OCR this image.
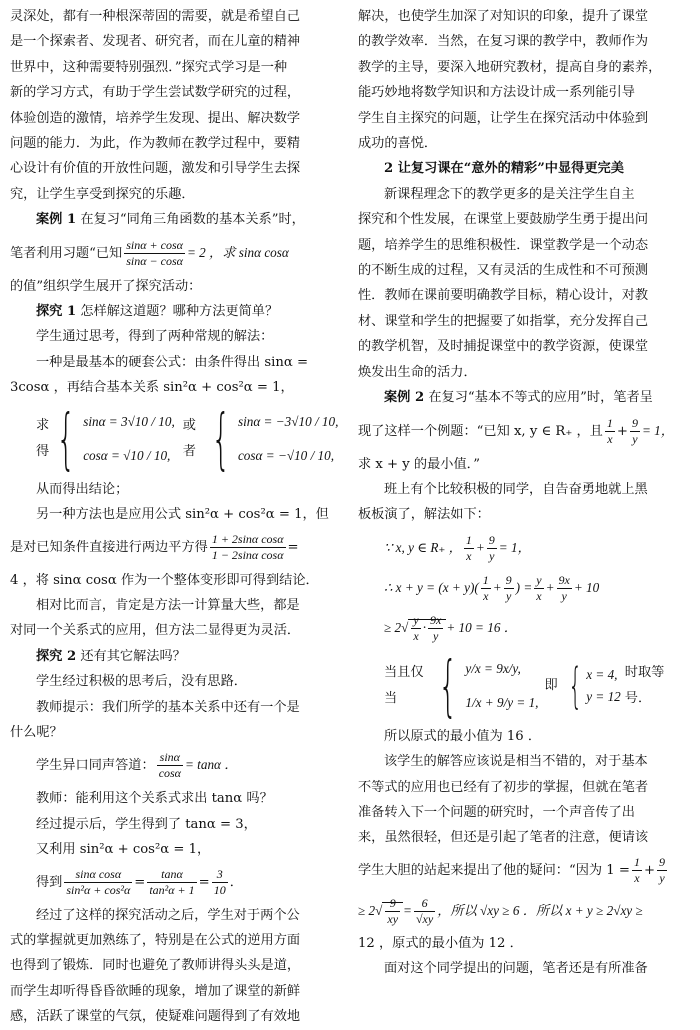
灵深处，都有一种根深蒂固的需要，就是希望自己
是一个探索者、发现者、研究者，而在儿童的精神
世界中，这种需要特别强烈．”探究式学习是一种
新的学习方式，有助于学生尝试数学研究的过程，
体验创造的激情，培养学生发现、提出、解决数学
问题的能力．为此，作为教师在教学过程中，要精
心设计有价值的开放性问题，激发和引导学生去探
究，让学生享受到探究的乐趣．
案例 1 在复习“同角三角函数的基本关系”时，
笔者利用习题“已知 $\frac{\sin\alpha + \cos\alpha}{\sin\alpha - \cos\alpha} = 2$ ，求 sinα cosα
的值”组织学生展开了探究活动：
探究 1 怎样解这道题？哪种方法更简单？
学生通过思考，得到了两种常规的解法：
一种是最基本的硬套公式：由条件得出 sinα =
3cosα ，再结合基本关系 sin²α + cos²α = 1，
求得 { sinα = 3√10 / 10,
cosα = √10 / 10,
或者 { sinα = −3√10 / 10,
cosα = −√10 / 10,
从而得出结论；
另一种方法也是应用公式 sin²α + cos²α = 1，但
是对已知条件直接进行两边平方得 $\frac{\text{1 + 2sinα cosα}}{\text{1 − 2sinα cosα}}$ =
4 ，将 sinα cosα 作为一个整体变形即可得到结论．
相对比而言，肯定是方法一计算量大些，都是
对同一个关系式的应用，但方法二显得更为灵活．
探究 2 还有其它解法吗？
学生经过积极的思考后，没有思路．
教师提示：我们所学的基本关系中还有一个是
什么呢？
学生异口同声答道： $\frac{\sin\alpha}{\cos\alpha} = \tan\alpha$ ．
教师：能利用这个关系式求出 tanα 吗？
经过提示后，学生得到了 tanα = 3，
又利用 sin²α + cos²α = 1，
得到 $\frac{\text{sinα cosα}}{\text{sin²α + cos²α}} = \frac{\tan\alpha}{\text{tan²α + 1}} = \frac{3}{10}$ ．
经过了这样的探究活动之后，学生对于两个公
式的掌握就更加熟练了，特别是在公式的逆用方面
也得到了锻炼．同时也避免了教师讲得头头是道，
而学生却听得昏昏欲睡的现象，增加了课堂的新鲜
感，活跃了课堂的气氛，使疑难问题得到了有效地
解决，也使学生加深了对知识的印象，提升了课堂
的教学效率．当然，在复习课的教学中，教师作为
教学的主导，要深入地研究教材，提高自身的素养，
能巧妙地将数学知识和方法设计成一系列能引导
学生自主探究的问题，让学生在探究活动中体验到
成功的喜悦．
2 让复习课在“意外的精彩”中显得更完美
新课程理念下的教学更多的是关注学生自主
探究和个性发展，在课堂上要鼓励学生勇于提出问
题，培养学生的思维积极性．课堂教学是一个动态
的不断生成的过程，又有灵活的生成性和不可预测
性．教师在课前要明确教学目标，精心设计，对教
材、课堂和学生的把握要了如指掌，充分发挥自己
的教学机智，及时捕捉课堂中的教学资源，使课堂
焕发出生命的活力．
案例 2 在复习“基本不等式的应用”时，笔者呈
现了这样一个例题：“已知 x, y ∈ R₊ ，且 $\frac{1}{x} + \frac{9}{y} = 1$，
求 x + y 的最小值．”
班上有个比较积极的同学，自告奋勇地就上黑
板板演了，解法如下：
∵ x, y ∈ R₊ ， $\frac{1}{x} + \frac{9}{y} = 1$，
∴ $x + y = (x + y)( \frac{1}{x} + \frac{9}{y}$ ) = $\frac{y}{x} + \frac{9x}{y} + 10$
≥ $2√ \frac{y}{x} \cdot \frac{9x}{y} + 10 = 16$ ．
当且仅当 { y/x = 9x/y,
1/x + 9/y = 1,
即 { x = 4,
y = 12
时取等号．
所以原式的最小值为 16 ．
该学生的解答应该说是相当不错的，对于基本
不等式的应用也已经有了初步的掌握，但就在笔者
准备转入下一个问题的研究时，一个声音传了出
来，虽然很轻，但还是引起了笔者的注意，便请该
学生大胆的站起来提出了他的疑问：“因为 $1 = \frac{1}{x} + \frac{9}{y}$
≥ $2√ \frac{9}{xy} = \frac{6}{√xy}$ ，所以 √xy ≥ 6 ．所以 x + y ≥ 2√xy ≥
12 ，原式的最小值为 12 ．
面对这个同学提出的问题，笔者还是有所准备
